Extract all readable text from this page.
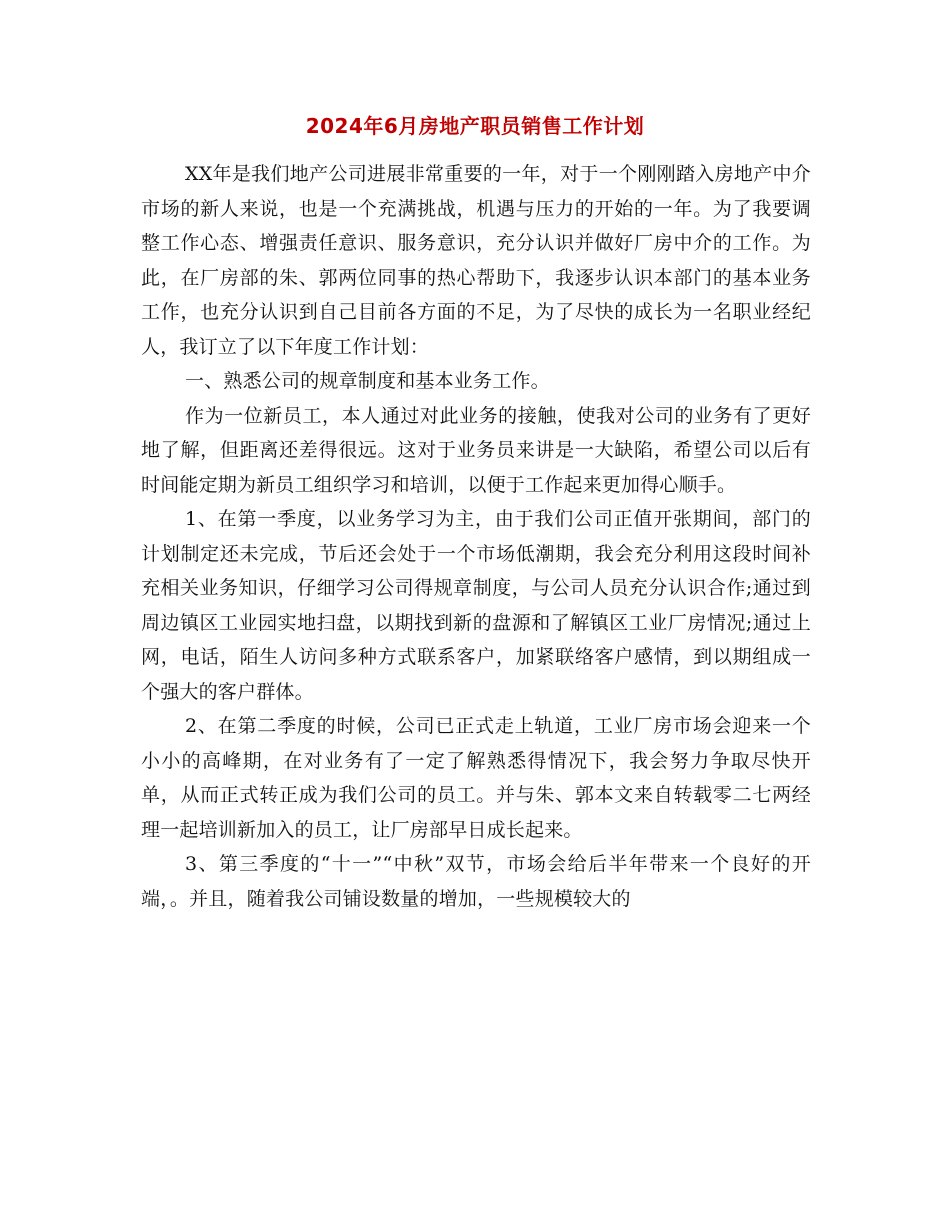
2024年6月房地产职员销售工作计划

XX年是我们地产公司进展非常重要的一年，对于一个刚刚踏入房地产中介市场的新人来说，也是一个充满挑战，机遇与压力的开始的一年。为了我要调整工作心态、增强责任意识、服务意识，充分认识并做好厂房中介的工作。为此，在厂房部的朱、郭两位同事的热心帮助下，我逐步认识本部门的基本业务工作，也充分认识到自己目前各方面的不足，为了尽快的成长为一名职业经纪人，我订立了以下年度工作计划：

一、熟悉公司的规章制度和基本业务工作。

作为一位新员工，本人通过对此业务的接触，使我对公司的业务有了更好地了解，但距离还差得很远。这对于业务员来讲是一大缺陷，希望公司以后有时间能定期为新员工组织学习和培训，以便于工作起来更加得心顺手。

1、在第一季度，以业务学习为主，由于我们公司正值开张期间，部门的计划制定还未完成，节后还会处于一个市场低潮期，我会充分利用这段时间补充相关业务知识，仔细学习公司得规章制度，与公司人员充分认识合作;通过到周边镇区工业园实地扫盘，以期找到新的盘源和了解镇区工业厂房情况;通过上网，电话，陌生人访问多种方式联系客户，加紧联络客户感情，到以期组成一个强大的客户群体。

2、在第二季度的时候，公司已正式走上轨道，工业厂房市场会迎来一个小小的高峰期，在对业务有了一定了解熟悉得情况下，我会努力争取尽快开单，从而正式转正成为我们公司的员工。并与朱、郭本文来自转载零二七两经理一起培训新加入的员工，让厂房部早日成长起来。

3、第三季度的“十一”“中秋”双节，市场会给后半年带来一个良好的开端，。并且，随着我公司铺设数量的增加，一些规模较大的
